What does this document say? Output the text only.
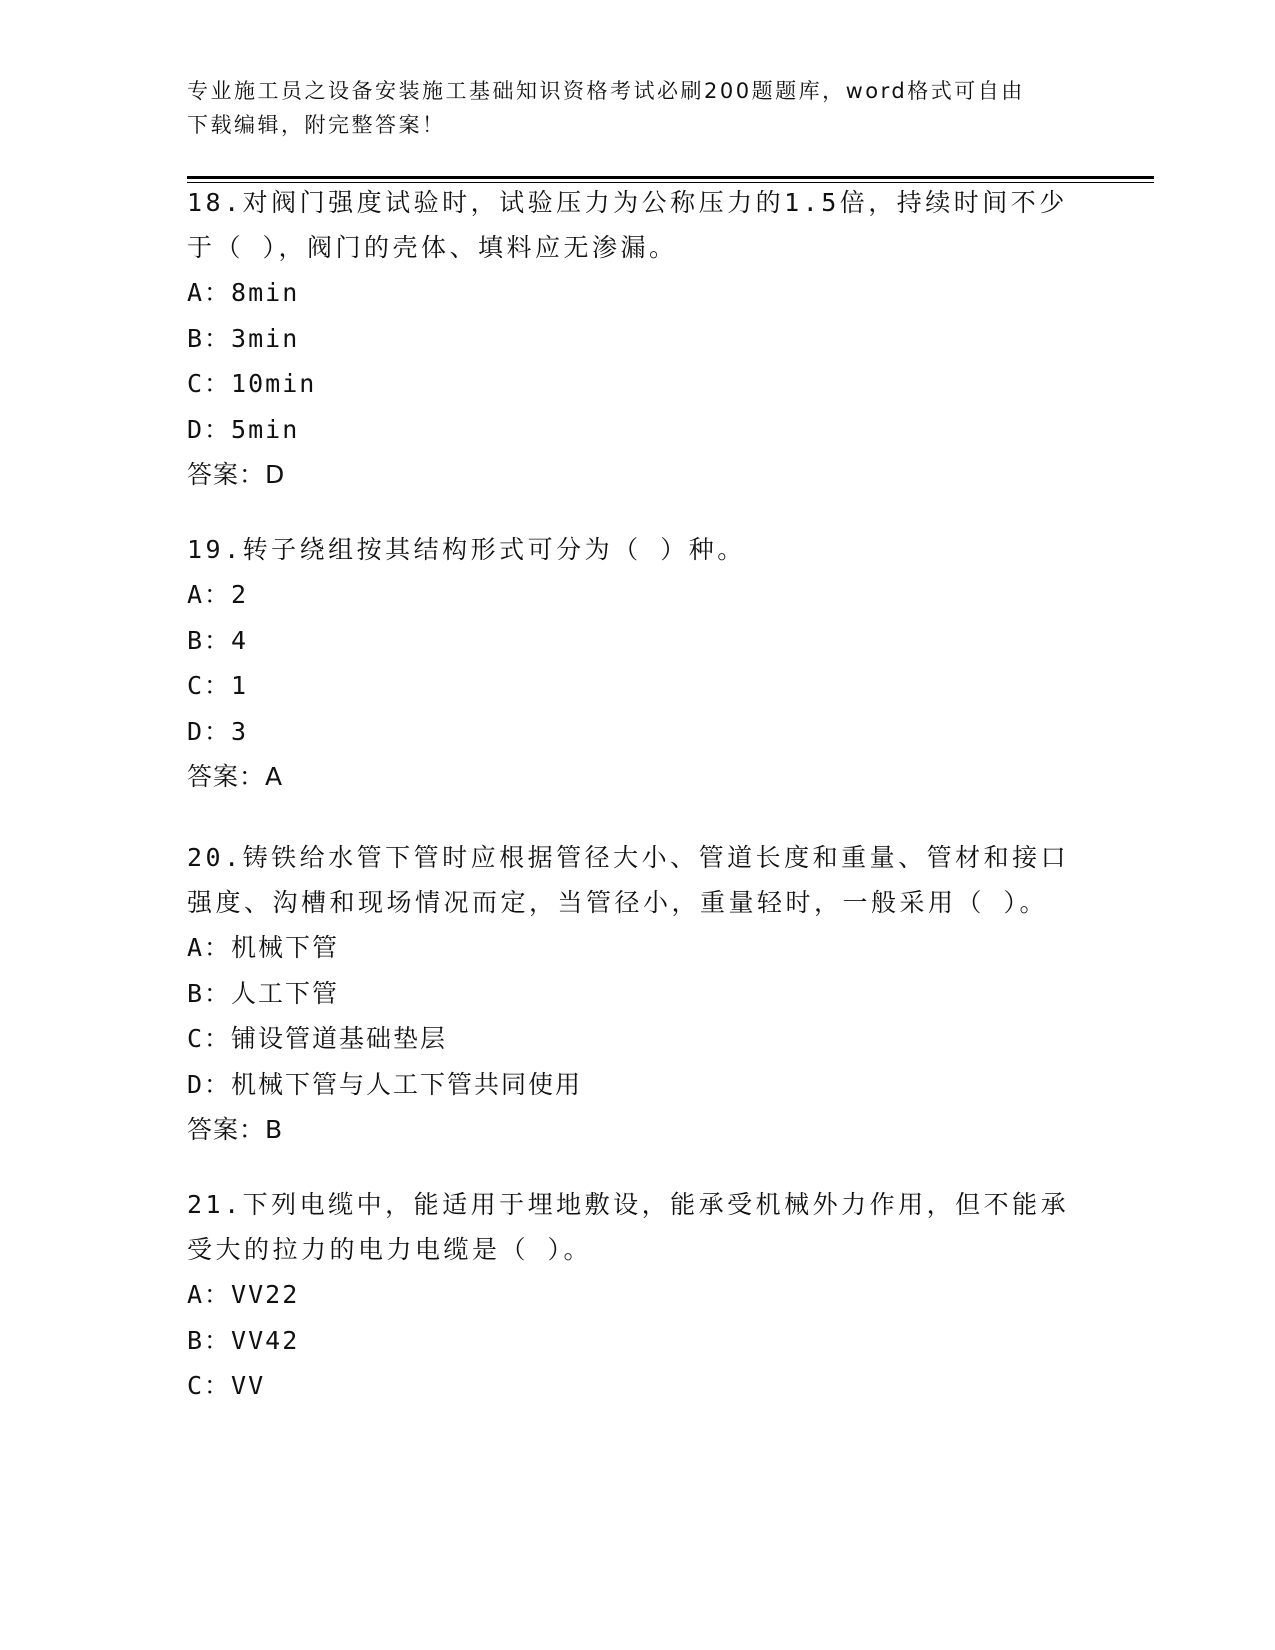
专业施工员之设备安装施工基础知识资格考试必刷200题题库，word格式可自由
下载编辑，附完整答案！
18.对阀门强度试验时，试验压力为公称压力的1.5倍，持续时间不少
于（ ），阀门的壳体、填料应无渗漏。
A：8min
B：3min
C：10min
D：5min
答案：D
19.转子绕组按其结构形式可分为（ ）种。
A：2
B：4
C：1
D：3
答案：A
20.铸铁给水管下管时应根据管径大小、管道长度和重量、管材和接口
强度、沟槽和现场情况而定，当管径小，重量轻时，一般采用（ ）。
A：机械下管
B：人工下管
C：铺设管道基础垫层
D：机械下管与人工下管共同使用
答案：B
21.下列电缆中，能适用于埋地敷设，能承受机械外力作用，但不能承
受大的拉力的电力电缆是（ ）。
A：VV22
B：VV42
C：VV
